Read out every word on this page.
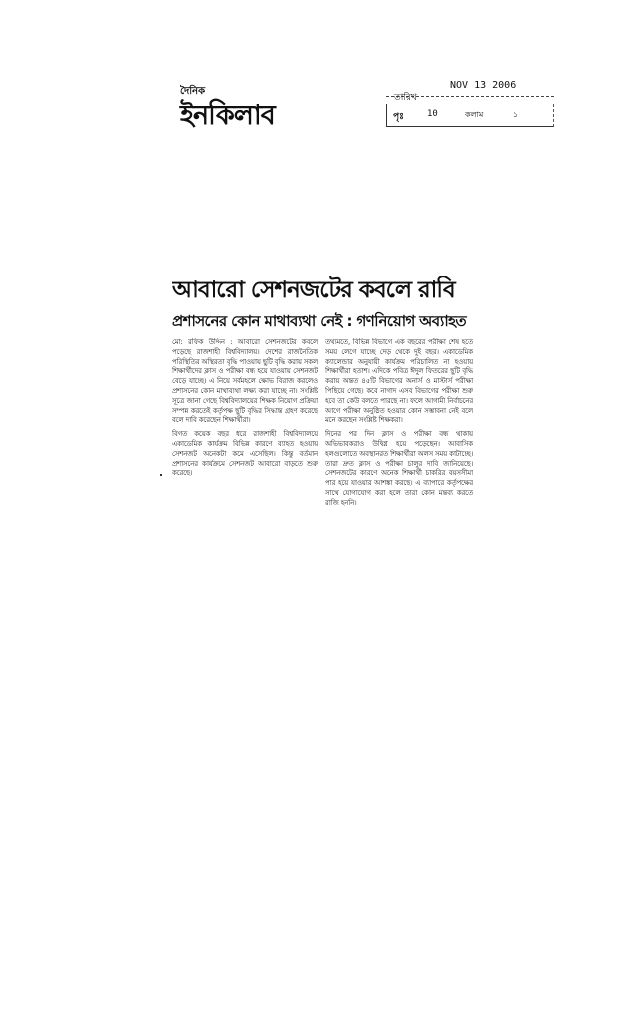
দৈনিক
ইনকিলাব
তারিখ
NOV 13 2006
পৃঃ	10	কলাম	১
আবারো সেশনজটের কবলে রাবি
প্রশাসনের কোন মাথাব্যথা নেই : গণনিয়োগ অব্যাহত

মো: রফিক উদ্দিন : আবারো সেশনজটের কবলে পড়েছে রাজশাহী বিশ্ববিদ্যালয়। দেশের রাজনৈতিক পরিস্থিতির অস্থিরতা বৃদ্ধি পাওয়ায় ছুটি বৃদ্ধি করায় সকল শিক্ষার্থীদের ক্লাস ও পরীক্ষা বন্ধ হয়ে যাওয়ায় সেশনজট বেড়ে যাচ্ছে। এ নিয়ে সর্বমহলে ক্ষোভ বিরাজ করলেও প্রশাসনের কোন মাথাব্যথা লক্ষ্য করা যাচ্ছে না। সংশ্লিষ্ট সূত্রে জানা গেছে বিশ্ববিদ্যালয়ের শিক্ষক নিয়োগ প্রক্রিয়া সম্পন্ন করতেই কর্তৃপক্ষ ছুটি বৃদ্ধির সিদ্ধান্ত গ্রহণ করেছে বলে দাবি করেছেন শিক্ষার্থীরা।

বিগত কয়েক বছর ধরে রাজশাহী বিশ্ববিদ্যালয়ে একাডেমিক কার্যক্রম বিভিন্ন কারণে ব্যাহত হওয়ায় সেশনজট অনেকটা কমে এসেছিল। কিন্তু বর্তমান প্রশাসনের কার্যক্রমে সেশনজট আবারো বাড়তে শুরু করেছে।

তথ্যমতে, বিভিন্ন বিভাগে এক বছরের পরীক্ষা শেষ হতে সময় লেগে যাচ্ছে দেড় থেকে দুই বছর। একাডেমিক ক্যালেন্ডার অনুযায়ী কার্যক্রম পরিচালিত না হওয়ায় শিক্ষার্থীরা হতাশ। এদিকে পবিত্র ঈদুল ফিতরের ছুটি বৃদ্ধি করায় অন্তত ৪৫টি বিভাগের অনার্স ও মাস্টার্স পরীক্ষা পিছিয়ে গেছে। কবে নাগাদ এসব বিভাগের পরীক্ষা শুরু হবে তা কেউ বলতে পারছে না। ফলে আগামী নির্বাচনের আগে পরীক্ষা অনুষ্ঠিত হওয়ার কোন সম্ভাবনা নেই বলে মনে করছেন সংশ্লিষ্ট শিক্ষকরা।

দিনের পর দিন ক্লাস ও পরীক্ষা বন্ধ থাকায় অভিভাবকরাও উদ্বিগ্ন হয়ে পড়েছেন। আবাসিক হলগুলোতে অবস্থানরত শিক্ষার্থীরা অলস সময় কাটাচ্ছে। তারা দ্রুত ক্লাস ও পরীক্ষা চালুর দাবি জানিয়েছে। সেশনজটের কারণে অনেক শিক্ষার্থী চাকরির বয়সসীমা পার হয়ে যাওয়ার আশঙ্কা করছে। এ ব্যাপারে কর্তৃপক্ষের সাথে যোগাযোগ করা হলে তারা কোন মন্তব্য করতে রাজি হননি।
